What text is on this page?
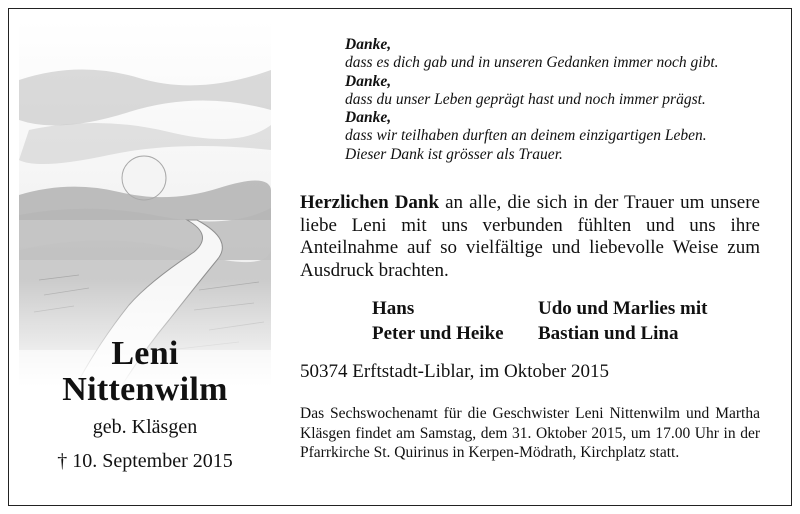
Leni
Nittenwilm
geb. Kläsgen
† 10. September 2015
Danke,
dass es dich gab und in unseren Gedanken immer noch gibt.
Danke,
dass du unser Leben geprägt hast und noch immer prägst.
Danke,
dass wir teilhaben durften an deinem einzigartigen Leben.
Dieser Dank ist grösser als Trauer.
Herzlichen Dank an alle, die sich in der Trauer um unsere liebe Leni mit uns verbunden fühlten und uns ihre Anteilnahme auf so vielfältige und liebevolle Weise zum Ausdruck brachten.
Hans	Udo und Marlies mit
Peter und Heike	Bastian und Lina
50374 Erftstadt-Liblar, im Oktober 2015
Das Sechswochenamt für die Geschwister Leni Nittenwilm und Martha Kläsgen findet am Samstag, dem 31. Oktober 2015, um 17.00 Uhr in der Pfarrkirche St. Quirinus in Kerpen-Mödrath, Kirchplatz statt.
